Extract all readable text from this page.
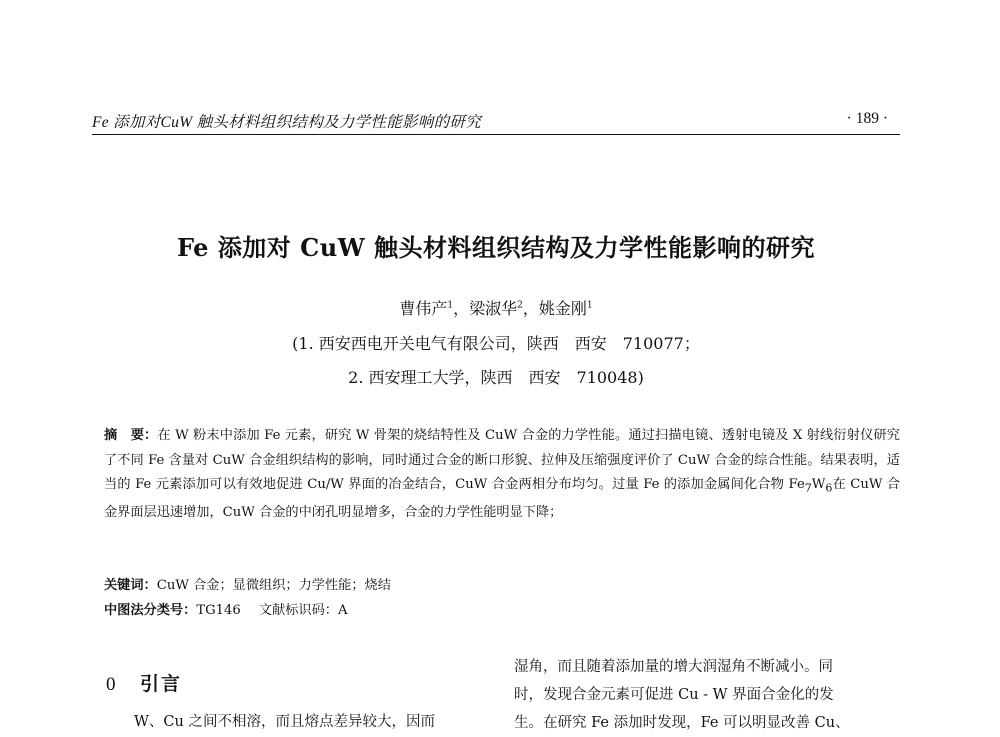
Fe 添加对CuW 触头材料组织结构及力学性能影响的研究	· 189 ·
Fe 添加对 CuW 触头材料组织结构及力学性能影响的研究
曹伟产$^1$，梁淑华$^2$，姚金刚$^1$
(1. 西安西电开关电气有限公司，陕西　西安　710077；
2. 西安理工大学，陕西　西安　710048)
摘　要：在 W 粉末中添加 Fe 元素，研究 W 骨架的烧结特性及 CuW 合金的力学性能。通过扫描电镜、透射电镜及 X 射线衍射仪研究了不同 Fe 含量对 CuW 合金组织结构的影响，同时通过合金的断口形貌、拉伸及压缩强度评价了 CuW 合金的综合性能。结果表明，适当的 Fe 元素添加可以有效地促进 Cu/W 界面的冶金结合，CuW 合金两相分布均匀。过量 Fe 的添加金属间化合物 $Fe_7W_6$在 CuW 合金界面层迅速增加，CuW 合金的中闭孔明显增多，合金的力学性能明显下降；
关键词：CuW 合金；显微组织；力学性能；烧结
中图法分类号：TG146 文献标识码：A
0 引言
W、Cu 之间不相溶，而且熔点差异较大，因而
湿角，而且随着添加量的增大润湿角不断减小。同
时，发现合金元素可促进 Cu - W 界面合金化的发
生。在研究 Fe 添加时发现，Fe 可以明显改善 Cu、
